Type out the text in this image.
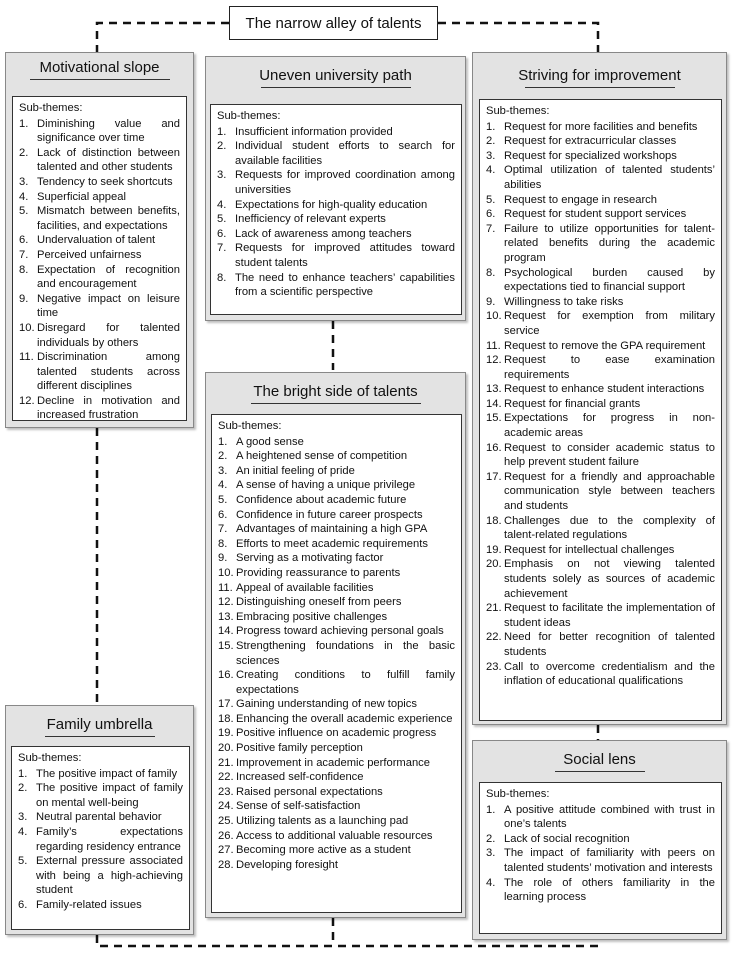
The narrow alley of talents
Motivational slope
Sub-themes:
1. Diminishing value and significance over time
2. Lack of distinction between talented and other students
3. Tendency to seek shortcuts
4. Superficial appeal
5. Mismatch between benefits, facilities, and expectations
6. Undervaluation of talent
7. Perceived unfairness
8. Expectation of recognition and encouragement
9. Negative impact on leisure time
10. Disregard for talented individuals by others
11. Discrimination among talented students across different disciplines
12. Decline in motivation and increased frustration
Uneven university path
Sub-themes:
1. Insufficient information provided
2. Individual student efforts to search for available facilities
3. Requests for improved coordination among universities
4. Expectations for high-quality education
5. Inefficiency of relevant experts
6. Lack of awareness among teachers
7. Requests for improved attitudes toward student talents
8. The need to enhance teachers’ capabilities from a scientific perspective
Striving for improvement
Sub-themes:
1. Request for more facilities and benefits
2. Request for extracurricular classes
3. Request for specialized workshops
4. Optimal utilization of talented students’ abilities
5. Request to engage in research
6. Request for student support services
7. Failure to utilize opportunities for talent-related benefits during the academic program
8. Psychological burden caused by expectations tied to financial support
9. Willingness to take risks
10. Request for exemption from military service
11. Request to remove the GPA requirement
12. Request to ease examination requirements
13. Request to enhance student interactions
14. Request for financial grants
15. Expectations for progress in non-academic areas
16. Request to consider academic status to help prevent student failure
17. Request for a friendly and approachable communication style between teachers and students
18. Challenges due to the complexity of talent-related regulations
19. Request for intellectual challenges
20. Emphasis on not viewing talented students solely as sources of academic achievement
21. Request to facilitate the implementation of student ideas
22. Need for better recognition of talented students
23. Call to overcome credentialism and the inflation of educational qualifications
The bright side of talents
Sub-themes:
1. A good sense
2. A heightened sense of competition
3. An initial feeling of pride
4. A sense of having a unique privilege
5. Confidence about academic future
6. Confidence in future career prospects
7. Advantages of maintaining a high GPA
8. Efforts to meet academic requirements
9. Serving as a motivating factor
10. Providing reassurance to parents
11. Appeal of available facilities
12. Distinguishing oneself from peers
13. Embracing positive challenges
14. Progress toward achieving personal goals
15. Strengthening foundations in the basic sciences
16. Creating conditions to fulfill family expectations
17. Gaining understanding of new topics
18. Enhancing the overall academic experience
19. Positive influence on academic progress
20. Positive family perception
21. Improvement in academic performance
22. Increased self-confidence
23. Raised personal expectations
24. Sense of self-satisfaction
25. Utilizing talents as a launching pad
26. Access to additional valuable resources
27. Becoming more active as a student
28. Developing foresight
Family umbrella
Sub-themes:
1. The positive impact of family
2. The positive impact of family on mental well-being
3. Neutral parental behavior
4. Family’s expectations regarding residency entrance
5. External pressure associated with being a high-achieving student
6. Family-related issues
Social lens
Sub-themes:
1. A positive attitude combined with trust in one’s talents
2. Lack of social recognition
3. The impact of familiarity with peers on talented students’ motivation and interests
4. The role of others familiarity in the learning process
